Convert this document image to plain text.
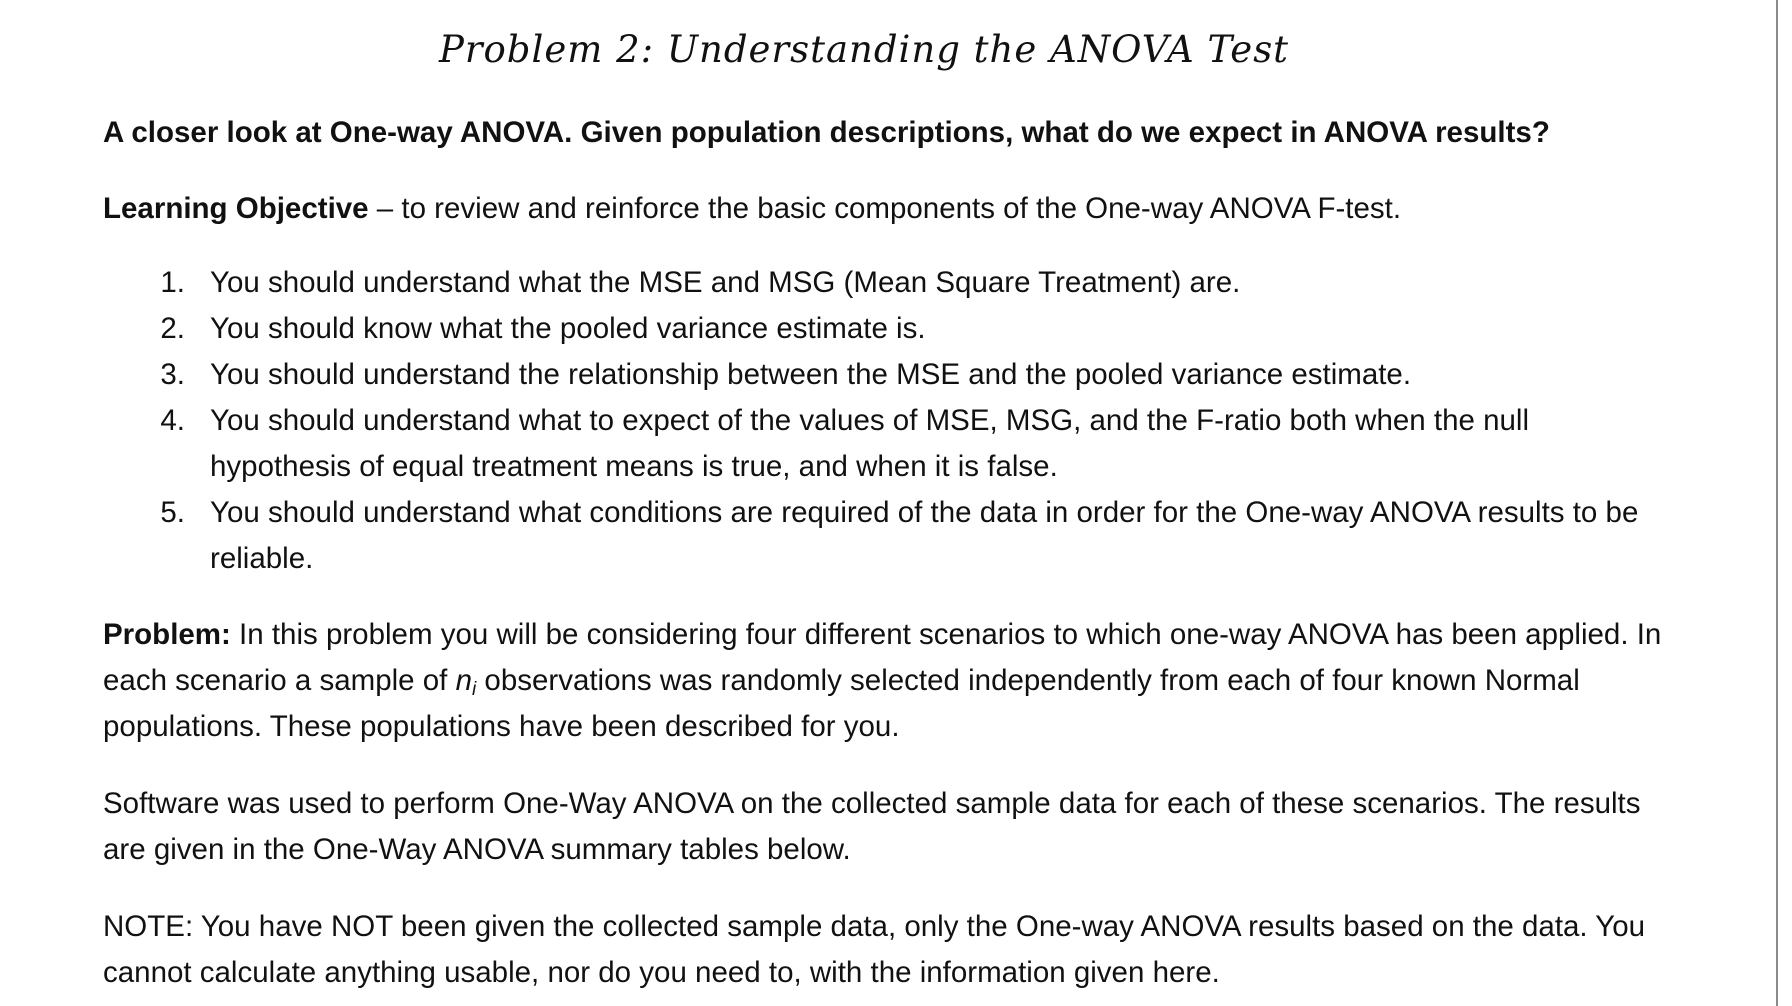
Problem 2: Understanding the ANOVA Test

A closer look at One-way ANOVA. Given population descriptions, what do we expect in ANOVA results?

Learning Objective – to review and reinforce the basic components of the One-way ANOVA F-test.

1. You should understand what the MSE and MSG (Mean Square Treatment) are.
2. You should know what the pooled variance estimate is.
3. You should understand the relationship between the MSE and the pooled variance estimate.
4. You should understand what to expect of the values of MSE, MSG, and the F-ratio both when the null hypothesis of equal treatment means is true, and when it is false.
5. You should understand what conditions are required of the data in order for the One-way ANOVA results to be reliable.

Problem: In this problem you will be considering four different scenarios to which one-way ANOVA has been applied. In each scenario a sample of $n_i$ observations was randomly selected independently from each of four known Normal populations. These populations have been described for you.

Software was used to perform One-Way ANOVA on the collected sample data for each of these scenarios. The results are given in the One-Way ANOVA summary tables below.

NOTE: You have NOT been given the collected sample data, only the One-way ANOVA results based on the data. You cannot calculate anything usable, nor do you need to, with the information given here.
